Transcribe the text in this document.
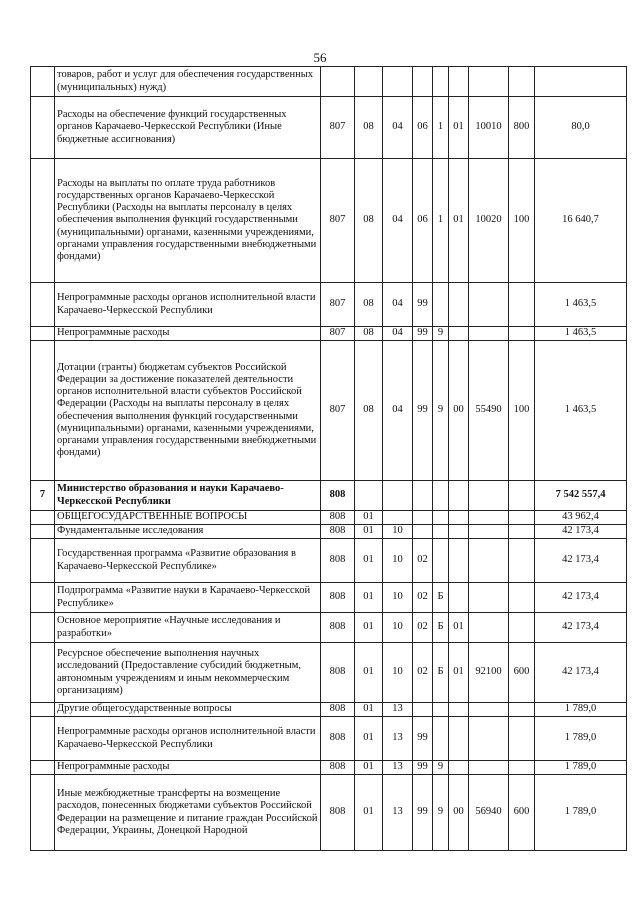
56
	товаров, работ и услуг для обеспечения государственных (муниципальных) нужд)									
	Расходы на обеспечение функций государственных органов Карачаево-Черкесской Республики (Иные бюджетные ассигнования)	807	08	04	06	1	01	10010	800	80,0
	Расходы на выплаты по оплате труда работников государственных органов Карачаево-Черкесской Республики (Расходы на выплаты персоналу в целях обеспечения выполнения функций государственными (муниципальными) органами, казенными учреждениями, органами управления государственными внебюджетными фондами)	807	08	04	06	1	01	10020	100	16 640,7
	Непрограммные расходы органов исполнительной власти Карачаево-Черкесской Республики	807	08	04	99					1 463,5
	Непрограммные расходы	807	08	04	99	9				1 463,5
	Дотации (гранты) бюджетам субъектов Российской Федерации за достижение показателей деятельности органов исполнительной власти субъектов Российской Федерации (Расходы на выплаты персоналу в целях обеспечения выполнения функций государственными (муниципальными) органами, казенными учреждениями, органами управления государственными внебюджетными фондами)	807	08	04	99	9	00	55490	100	1 463,5
7	Министерство образования и науки Карачаево-Черкесской Республики	808								7 542 557,4
	ОБЩЕГОСУДАРСТВЕННЫЕ ВОПРОСЫ	808	01							43 962,4
	Фундаментальные исследования	808	01	10						42 173,4
	Государственная программа «Развитие образования в Карачаево-Черкесской Республике»	808	01	10	02					42 173,4
	Подпрограмма «Развитие науки в Карачаево-Черкесской Республике»	808	01	10	02	Б				42 173,4
	Основное мероприятие «Научные исследования и разработки»	808	01	10	02	Б	01			42 173,4
	Ресурсное обеспечение выполнения научных исследований (Предоставление субсидий бюджетным, автономным учреждениям и иным некоммерческим организациям)	808	01	10	02	Б	01	92100	600	42 173,4
	Другие общегосударственные вопросы	808	01	13						1 789,0
	Непрограммные расходы органов исполнительной власти Карачаево-Черкесской Республики	808	01	13	99					1 789,0
	Непрограммные расходы	808	01	13	99	9				1 789,0
	Иные межбюджетные трансферты на возмещение расходов, понесенных бюджетами субъектов Российской Федерации на размещение и питание граждан Российской Федерации, Украины, Донецкой Народной	808	01	13	99	9	00	56940	600	1 789,0
